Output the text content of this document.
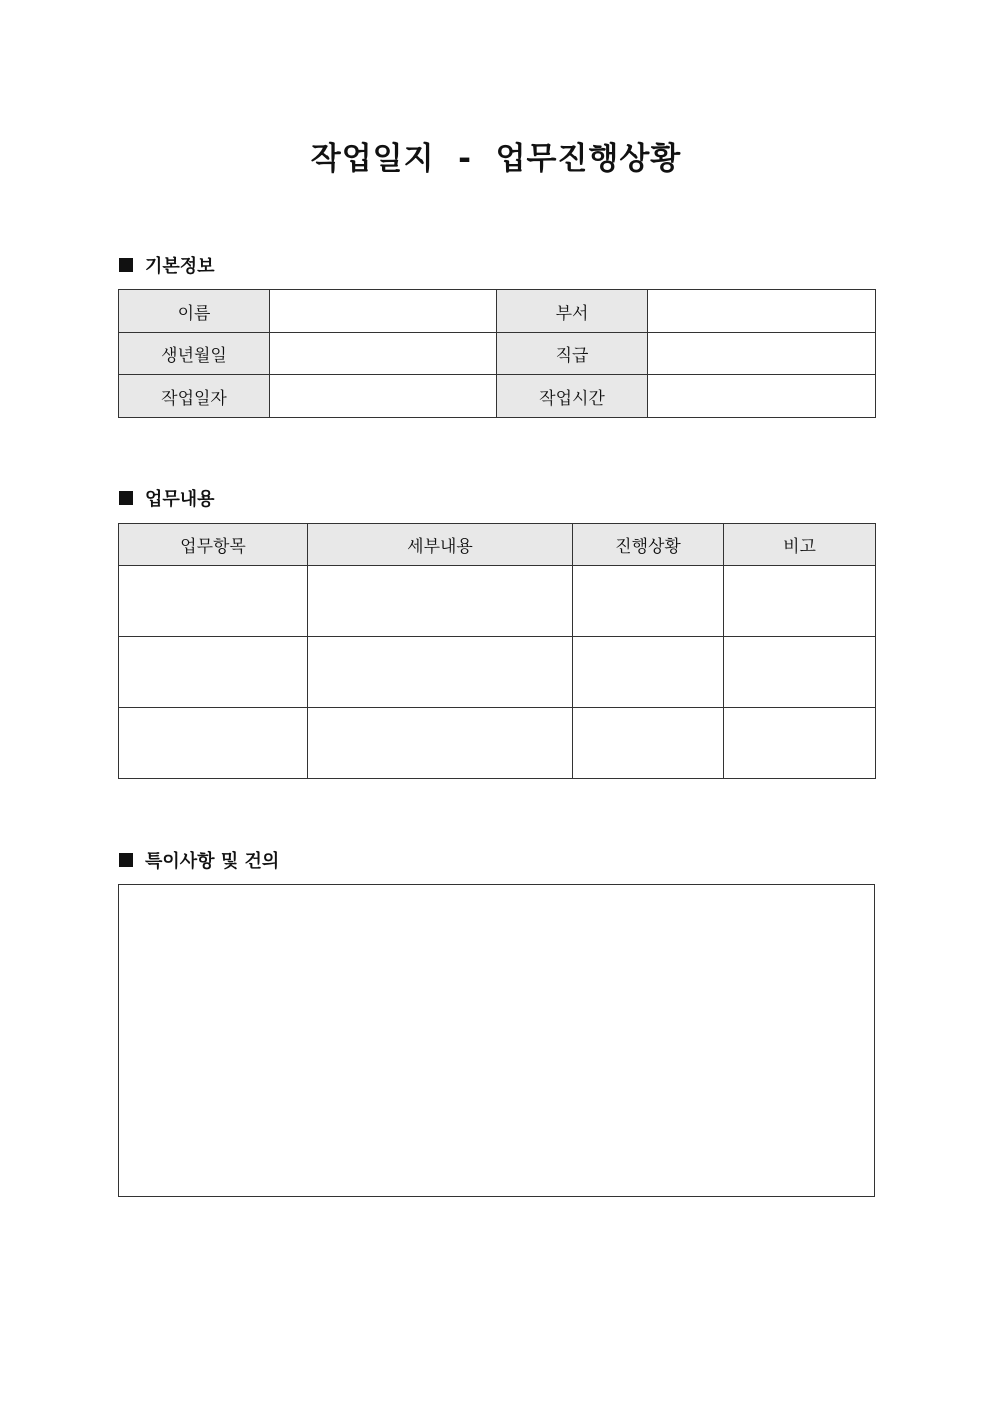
작업일지  -  업무진행상황
기본정보
이름		부서	
생년월일		직급	
작업일자		작업시간	
업무내용
업무항목	세부내용	진행상황	비고

특이사항 및 건의
